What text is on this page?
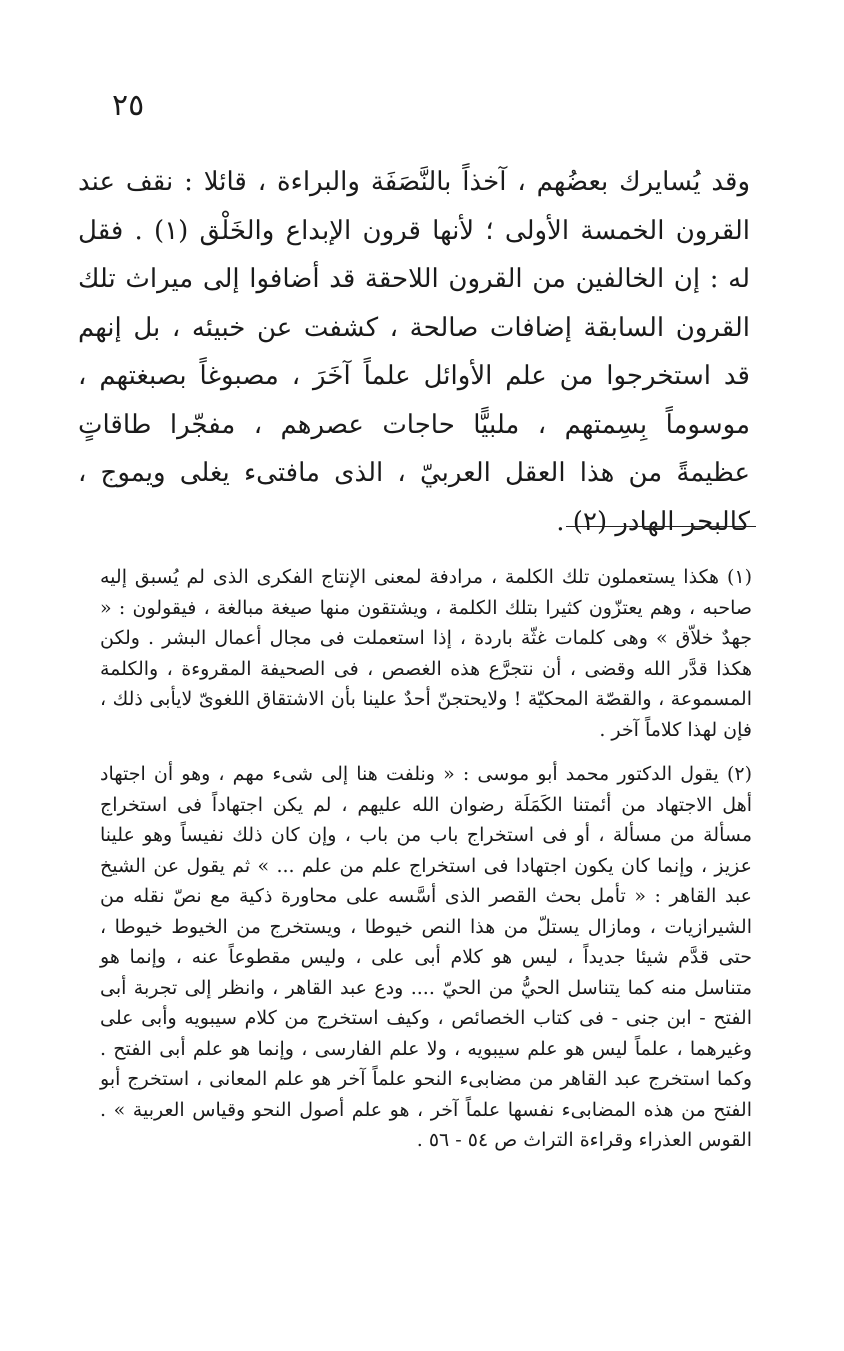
٢٥

وقد يُسايرك بعضُهم ، آخذاً بالنَّصَفَة والبراءة ، قائلا : نقف عند القرون الخمسة الأولى ؛ لأنها قرون الإبداع والخَلْق (١) . فقل له : إن الخالفين من القرون اللاحقة قد أضافوا إلى ميراث تلك القرون السابقة إضافات صالحة ، كشفت عن خبيئه ، بل إنهم قد استخرجوا من علم الأوائل علماً آخَرَ ، مصبوغاً بصبغتهم ، موسوماً بِسِمتهم ، ملبيًّا حاجات عصرهم ، مفجّرا طاقاتٍ عظيمةً من هذا العقل العربيّ ، الذى مافتىء يغلى ويموج ، كالبحر الهادر (٢) .

(١) هكذا يستعملون تلك الكلمة ، مرادفة لمعنى الإنتاج الفكرى الذى لم يُسبق إليه صاحبه ، وهم يعتزّون كثيرا بتلك الكلمة ، ويشتقون منها صيغة مبالغة ، فيقولون : « جهدٌ خلاّق » وهى كلمات غثّة باردة ، إذا استعملت فى مجال أعمال البشر . ولكن هكذا قدَّر الله وقضى ، أن نتجرَّع هذه الغصص ، فى الصحيفة المقروءة ، والكلمة المسموعة ، والقصّة المحكيّة ! ولايحتجنّ أحدٌ علينا بأن الاشتقاق اللغوىّ لايأبى ذلك ، فإن لهذا كلاماً آخر .

(٢) يقول الدكتور محمد أبو موسى : « ونلفت هنا إلى شىء مهم ، وهو أن اجتهاد أهل الاجتهاد من أئمتنا الكَمَلَة رضوان الله عليهم ، لم يكن اجتهاداً فى استخراج مسألة من مسألة ، أو فى استخراج باب من باب ، وإن كان ذلك نفيساً وهو علينا عزيز ، وإنما كان يكون اجتهادا فى استخراج علم من علم ... » ثم يقول عن الشيخ عبد القاهر : « تأمل بحث القصر الذى أسَّسه على محاورة ذكية مع نصّ نقله من الشيرازيات ، ومازال يستلّ من هذا النص خيوطا ، ويستخرج من الخيوط خيوطا ، حتى قدَّم شيئا جديداً ، ليس هو كلام أبى على ، وليس مقطوعاً عنه ، وإنما هو متناسل منه كما يتناسل الحيُّ من الحيّ .... ودع عبد القاهر ، وانظر إلى تجربة أبى الفتح - ابن جنى - فى كتاب الخصائص ، وكيف استخرج من كلام سيبويه وأبى على وغيرهما ، علماً ليس هو علم سيبويه ، ولا علم الفارسى ، وإنما هو علم أبى الفتح . وكما استخرج عبد القاهر من مضابىء النحو علماً آخر هو علم المعانى ، استخرج أبو الفتح من هذه المضابىء نفسها علماً آخر ، هو علم أصول النحو وقياس العربية » . القوس العذراء وقراءة التراث ص ٥٤ - ٥٦ .
